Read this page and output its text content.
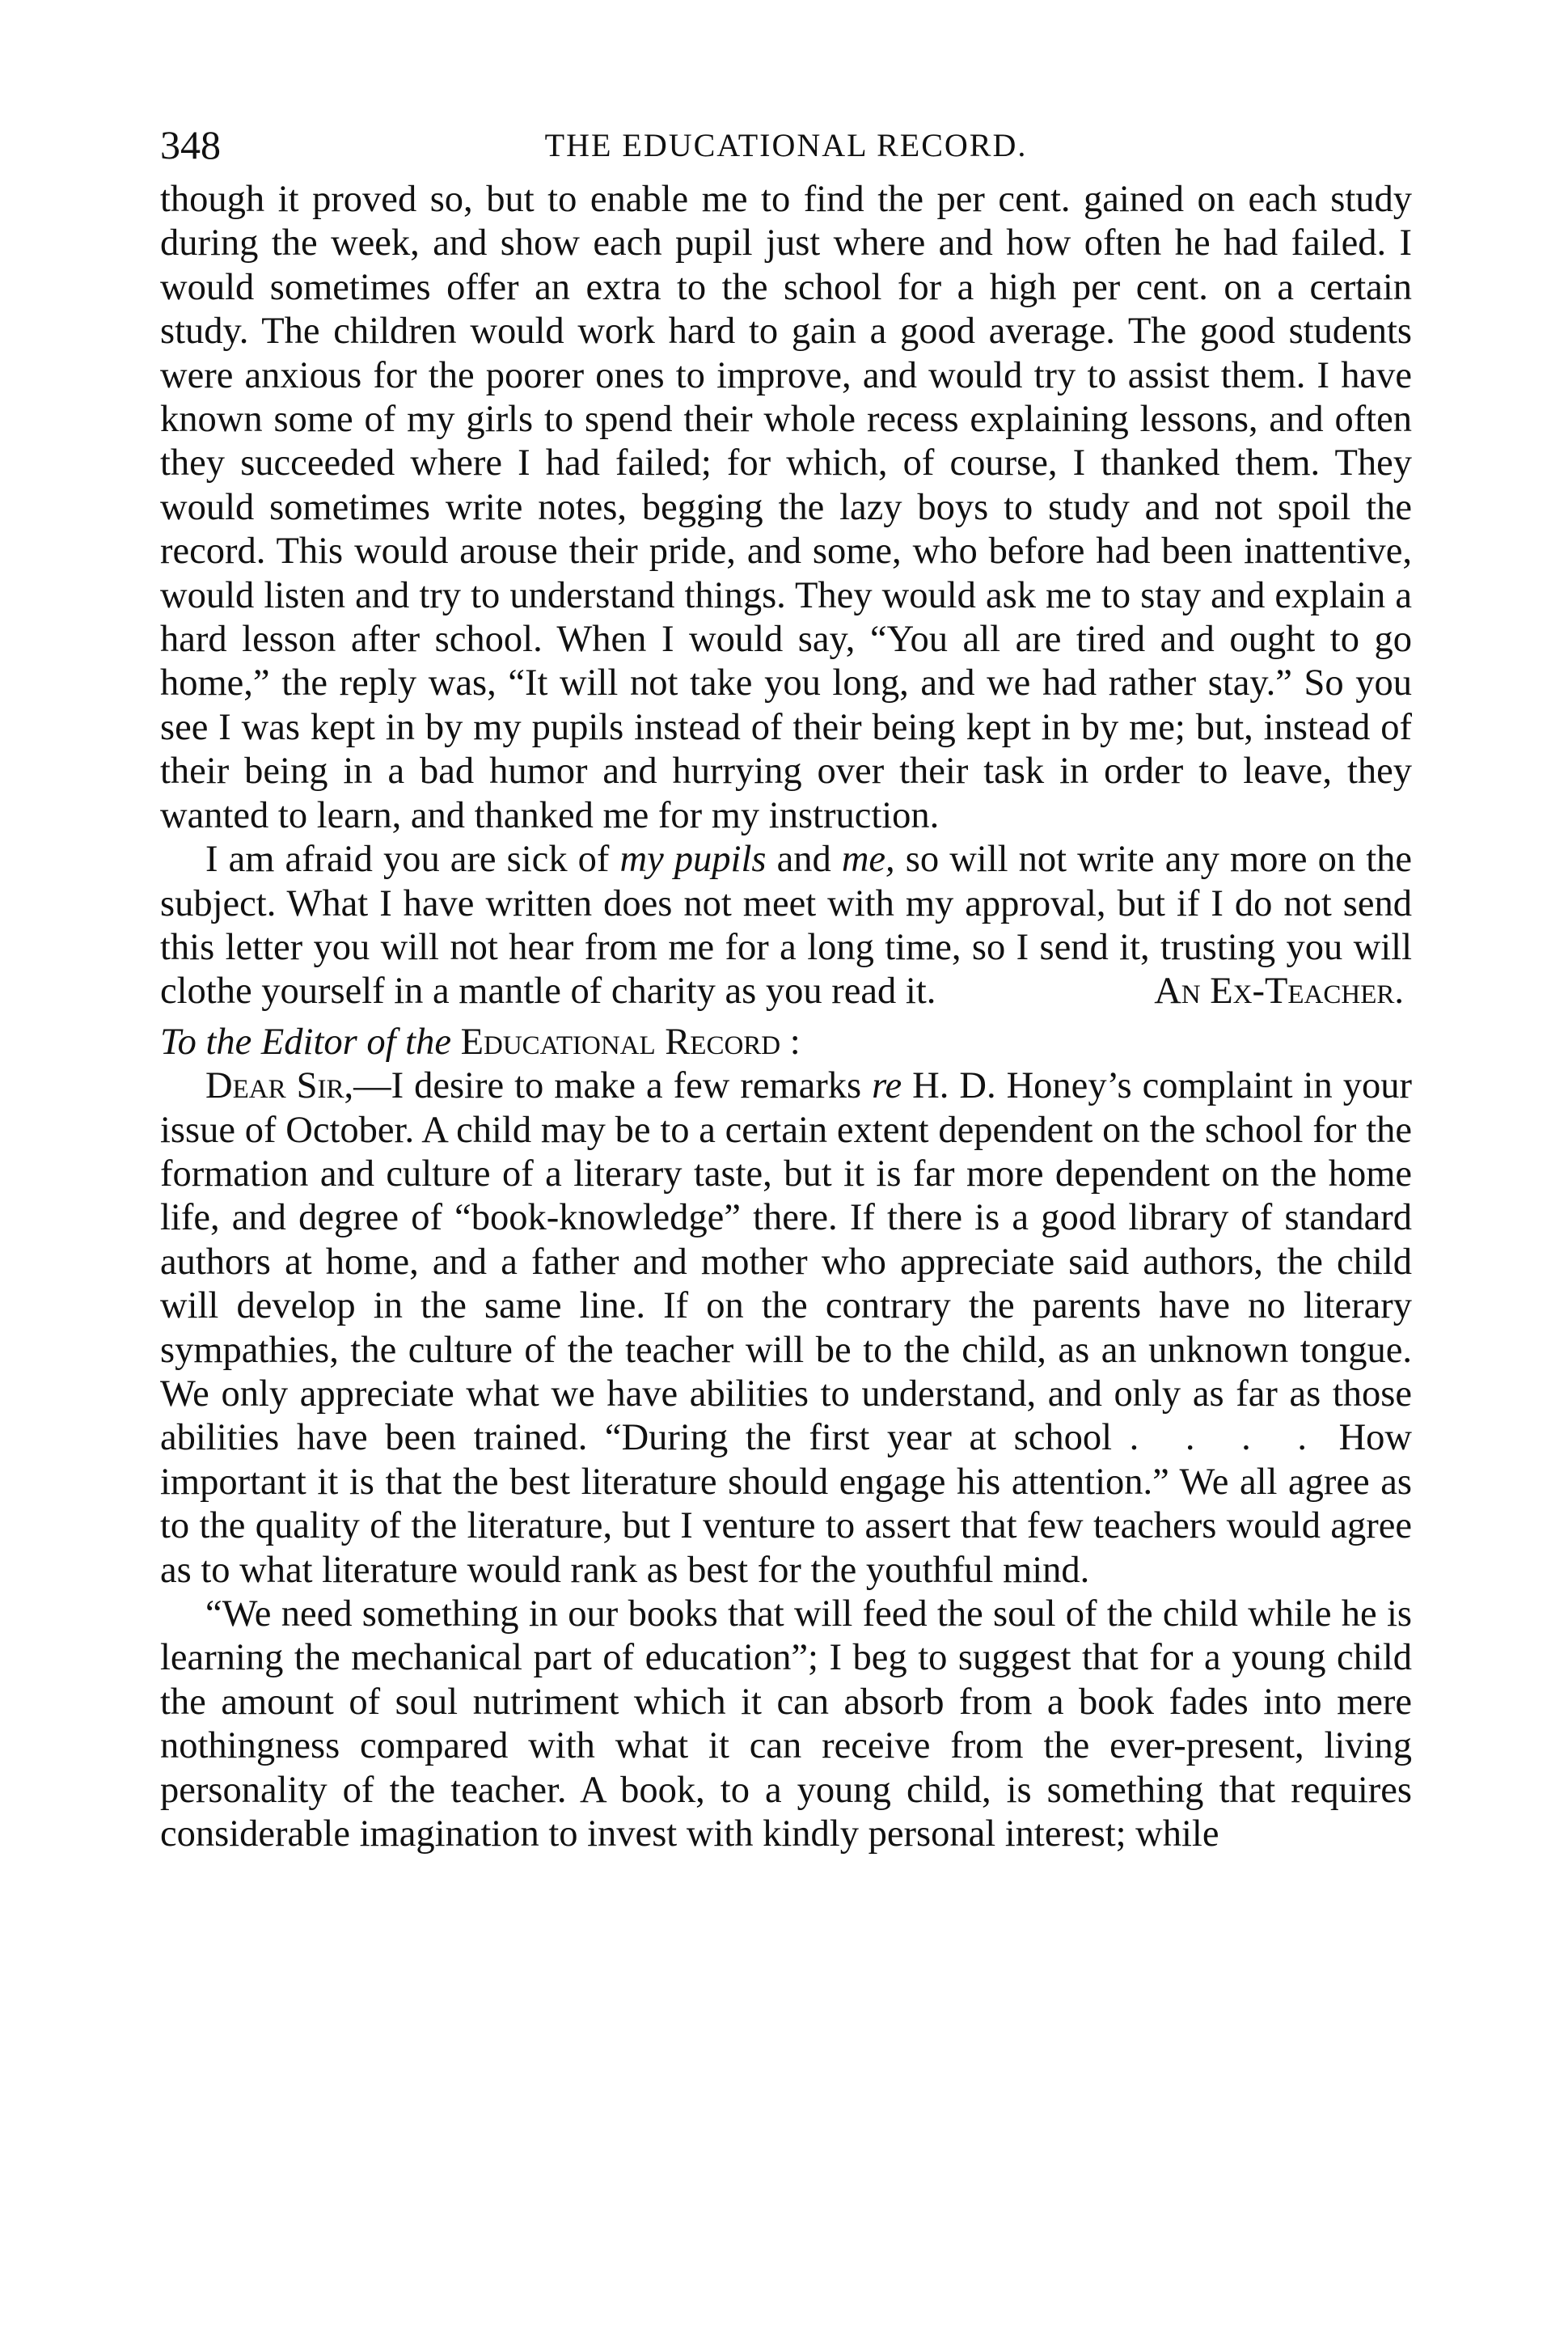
348	THE EDUCATIONAL RECORD.

though it proved so, but to enable me to find the per cent. gained on each study during the week, and show each pupil just where and how often he had failed. I would sometimes offer an extra to the school for a high per cent. on a certain study. The children would work hard to gain a good average. The good students were anxious for the poorer ones to improve, and would try to assist them. I have known some of my girls to spend their whole recess explaining lessons, and often they succeeded where I had failed; for which, of course, I thanked them. They would sometimes write notes, begging the lazy boys to study and not spoil the record. This would arouse their pride, and some, who before had been inattentive, would listen and try to understand things. They would ask me to stay and explain a hard lesson after school. When I would say, “You all are tired and ought to go home,” the reply was, “It will not take you long, and we had rather stay.” So you see I was kept in by my pupils instead of their being kept in by me; but, instead of their being in a bad humor and hurrying over their task in order to leave, they wanted to learn, and thanked me for my instruction.

I am afraid you are sick of my pupils and me, so will not write any more on the subject. What I have written does not meet with my approval, but if I do not send this letter you will not hear from me for a long time, so I send it, trusting you will clothe yourself in a mantle of charity as you read it.	An Ex-Teacher.

To the Editor of the Educational Record :

Dear Sir,—I desire to make a few remarks re H. D. Honey’s complaint in your issue of October. A child may be to a certain extent dependent on the school for the formation and culture of a literary taste, but it is far more dependent on the home life, and degree of “book-knowledge” there. If there is a good library of standard authors at home, and a father and mother who appreciate said authors, the child will develop in the same line. If on the contrary the parents have no literary sympathies, the culture of the teacher will be to the child, as an unknown tongue. We only appreciate what we have abilities to understand, and only as far as those abilities have been trained. “During the first year at school . . . . How important it is that the best literature should engage his attention.” We all agree as to the quality of the literature, but I venture to assert that few teachers would agree as to what literature would rank as best for the youthful mind.

“We need something in our books that will feed the soul of the child while he is learning the mechanical part of education”; I beg to suggest that for a young child the amount of soul nutriment which it can absorb from a book fades into mere nothingness compared with what it can receive from the ever-present, living personality of the teacher. A book, to a young child, is something that requires considerable imagination to invest with kindly personal interest; while
